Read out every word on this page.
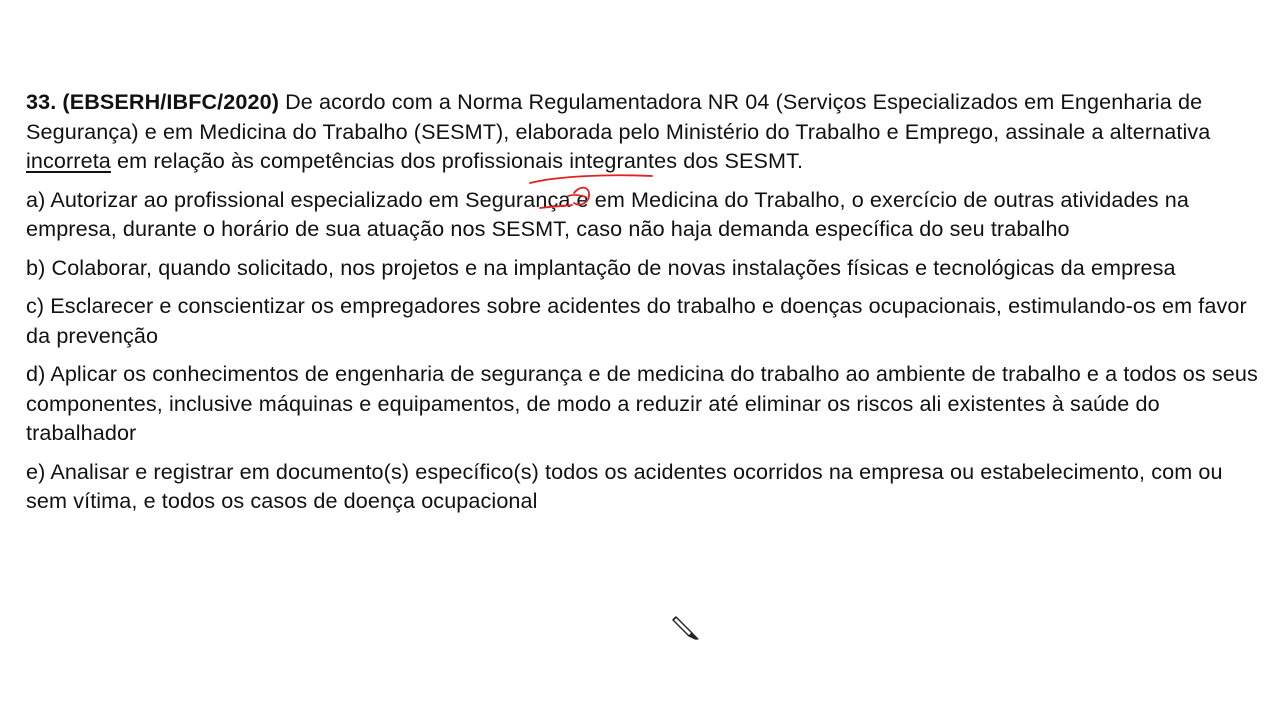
33. (EBSERH/IBFC/2020) De acordo com a Norma Regulamentadora NR 04 (Serviços Especializados em Engenharia de Segurança) e em Medicina do Trabalho (SESMT), elaborada pelo Ministério do Trabalho e Emprego, assinale a alternativa incorreta em relação às competências dos profissionais integrantes dos SESMT.

a) Autorizar ao profissional especializado em Segurança e em Medicina do Trabalho, o exercício de outras atividades na empresa, durante o horário de sua atuação nos SESMT, caso não haja demanda específica do seu trabalho

b) Colaborar, quando solicitado, nos projetos e na implantação de novas instalações físicas e tecnológicas da empresa

c) Esclarecer e conscientizar os empregadores sobre acidentes do trabalho e doenças ocupacionais, estimulando-os em favor da prevenção

d) Aplicar os conhecimentos de engenharia de segurança e de medicina do trabalho ao ambiente de trabalho e a todos os seus componentes, inclusive máquinas e equipamentos, de modo a reduzir até eliminar os riscos ali existentes à saúde do trabalhador

e) Analisar e registrar em documento(s) específico(s) todos os acidentes ocorridos na empresa ou estabelecimento, com ou sem vítima, e todos os casos de doença ocupacional
